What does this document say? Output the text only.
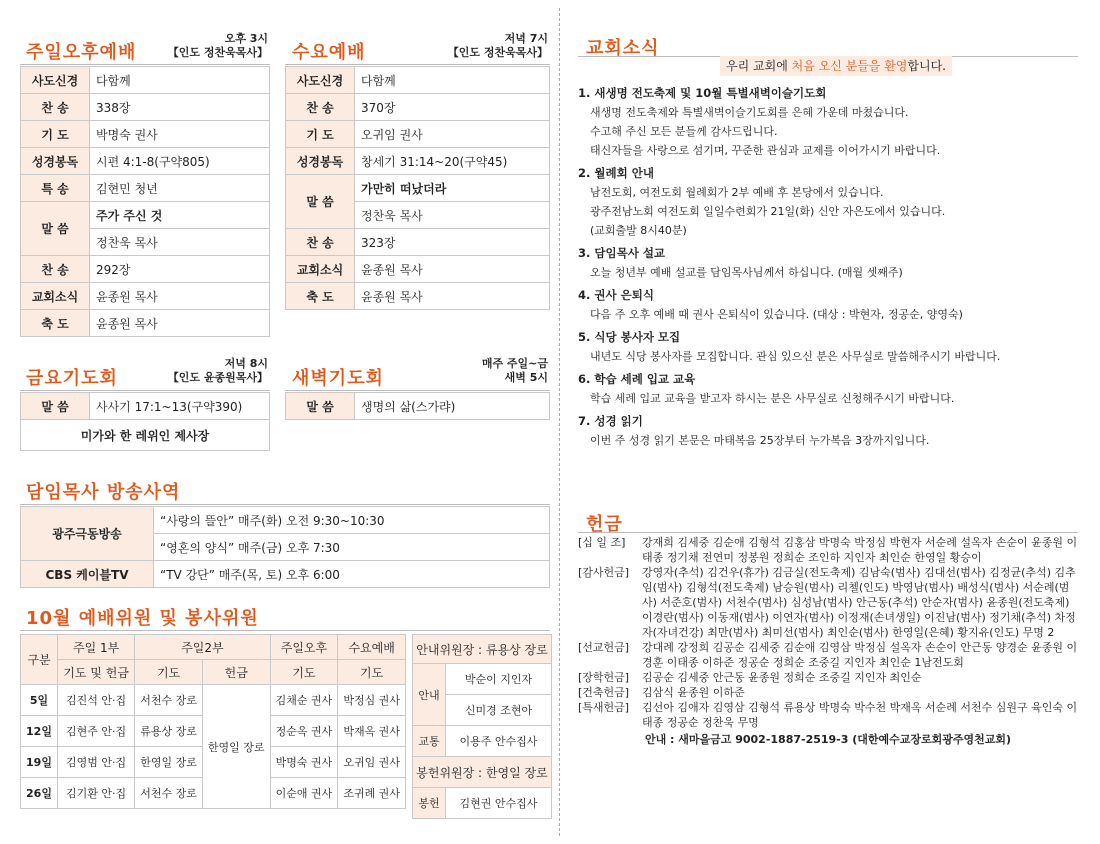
주일오후예배
오후 3시
【인도 정찬욱목사】
사도신경	다함께
찬 송	338장
기 도	박명숙 권사
성경봉독	시편 4:1-8(구약805)
특 송	김현민 청년
말 씀	주가 주신 것
	정찬욱 목사
찬 송	292장
교회소식	윤종원 목사
축 도	윤종원 목사
수요예배
저녁 7시
【인도 정찬욱목사】
사도신경	다함께
찬 송	370장
기 도	오귀임 권사
성경봉독	창세기 31:14~20(구약45)
말 씀	가만히 떠났더라
	정찬욱 목사
찬 송	323장
교회소식	윤종원 목사
축 도	윤종원 목사
금요기도회
저녁 8시
【인도 윤종원목사】
말 씀	사사기 17:1~13(구약390)
미가와 한 레위인 제사장
새벽기도회
매주 주일~금
새벽 5시
말 씀	생명의 삶(스가랴)
담임목사 방송사역
광주극동방송	“사랑의 뜰안” 매주(화) 오전 9:30~10:30
	“영혼의 양식” 매주(금) 오후 7:30
CBS 케이블TV	“TV 강단” 매주(목, 토) 오후 6:00
10월 예배위원 및 봉사위원
구분	주일 1부	주일2부		주일오후	수요예배
	기도 및 헌금	기도	헌금	기도	기도
5일	김진석 안·집	서천수 장로	한영일 장로	김채순 권사	박정심 권사
12일	김현주 안·집	류용상 장로		정순옥 권사	박재옥 권사
19일	김영범 안·집	한영일 장로		박명숙 권사	오귀임 권사
26일	김기환 안·집	서천수 장로		이순애 권사	조귀례 권사
안내위원장 : 류용상 장로	
안내	박순이 지인자
	신미경 조현아
교통	이용주 안수집사
봉헌위원장 : 한영일 장로	
봉헌	김현권 안수집사
교회소식
우리 교회에 처음 오신 분들을 환영합니다.
1. 새생명 전도축제 및 10월 특별새벽이슬기도회
새생명 전도축제와 특별새벽이슬기도회를 은혜 가운데 마쳤습니다.
수고해 주신 모든 분들께 감사드립니다.
태신자들을 사랑으로 섬기며, 꾸준한 관심과 교제를 이어가시기 바랍니다.
2. 월례회 안내
남전도회, 여전도회 월례회가 2부 예배 후 본당에서 있습니다.
광주전남노회 여전도회 일일수련회가 21일(화) 신안 자은도에서 있습니다.
(교회출발 8시40분)
3. 담임목사 설교
오늘 청년부 예배 설교를 담임목사님께서 하십니다. (매월 셋째주)
4. 권사 은퇴식
다음 주 오후 예배 때 권사 은퇴식이 있습니다. (대상 : 박현자, 정공순, 양영숙)
5. 식당 봉사자 모집
내년도 식당 봉사자를 모집합니다. 관심 있으신 분은 사무실로 말씀해주시기 바랍니다.
6. 학습 세례 입교 교육
학습 세례 입교 교육을 받고자 하시는 분은 사무실로 신청해주시기 바랍니다.
7. 성경 읽기
이번 주 성경 읽기 본문은 마태복음 25장부터 누가복음 3장까지입니다.
헌금
[십 일 조]	강재희 김세중 김순애 김형석 김홍삼 박명숙 박정심 박현자 서순례 설옥자 손순이 윤종원 이태종 정기채 전연미 정봉원 정희순 조인하 지인자 최인순 한영일 황승이
[감사헌금]	강영자(추석) 김건우(휴가) 김금실(전도축제) 김남숙(범사) 김대선(범사) 김정균(추석) 김추임(범사) 김형석(전도축제) 남승원(범사) 리첼(인도) 박영남(범사) 배성식(범사) 서순례(범사) 서준호(범사) 서천수(범사) 심성남(범사) 안근동(추석) 안순자(범사) 윤종원(전도축제) 이경란(범사) 이동재(범사) 이연자(범사) 이정재(손녀생일) 이진남(범사) 정기채(추석) 차정자(자녀건강) 최만(범사) 최미선(범사) 최인순(범사) 한영일(은혜) 황지유(인도) 무명 2
[선교헌금]	강대례 강정희 김공순 김세중 김순애 김영삼 박정심 설옥자 손순이 안근동 양경순 윤종원 이경훈 이태종 이하준 정공순 정희순 조중길 지인자 최인순 1남전도회
[장학헌금]	김공순 김세중 안근동 윤종원 정희순 조중길 지인자 최인순
[건축헌금]	김삼식 윤종원 이하준
[특새헌금]	김선아 김애자 김영삼 김형석 류용상 박명숙 박수천 박재옥 서순례 서천수 심원구 육인숙 이태종 정공순 정찬욱 무명
안내 : 새마을금고 9002-1887-2519-3 (대한예수교장로회광주영천교회)
